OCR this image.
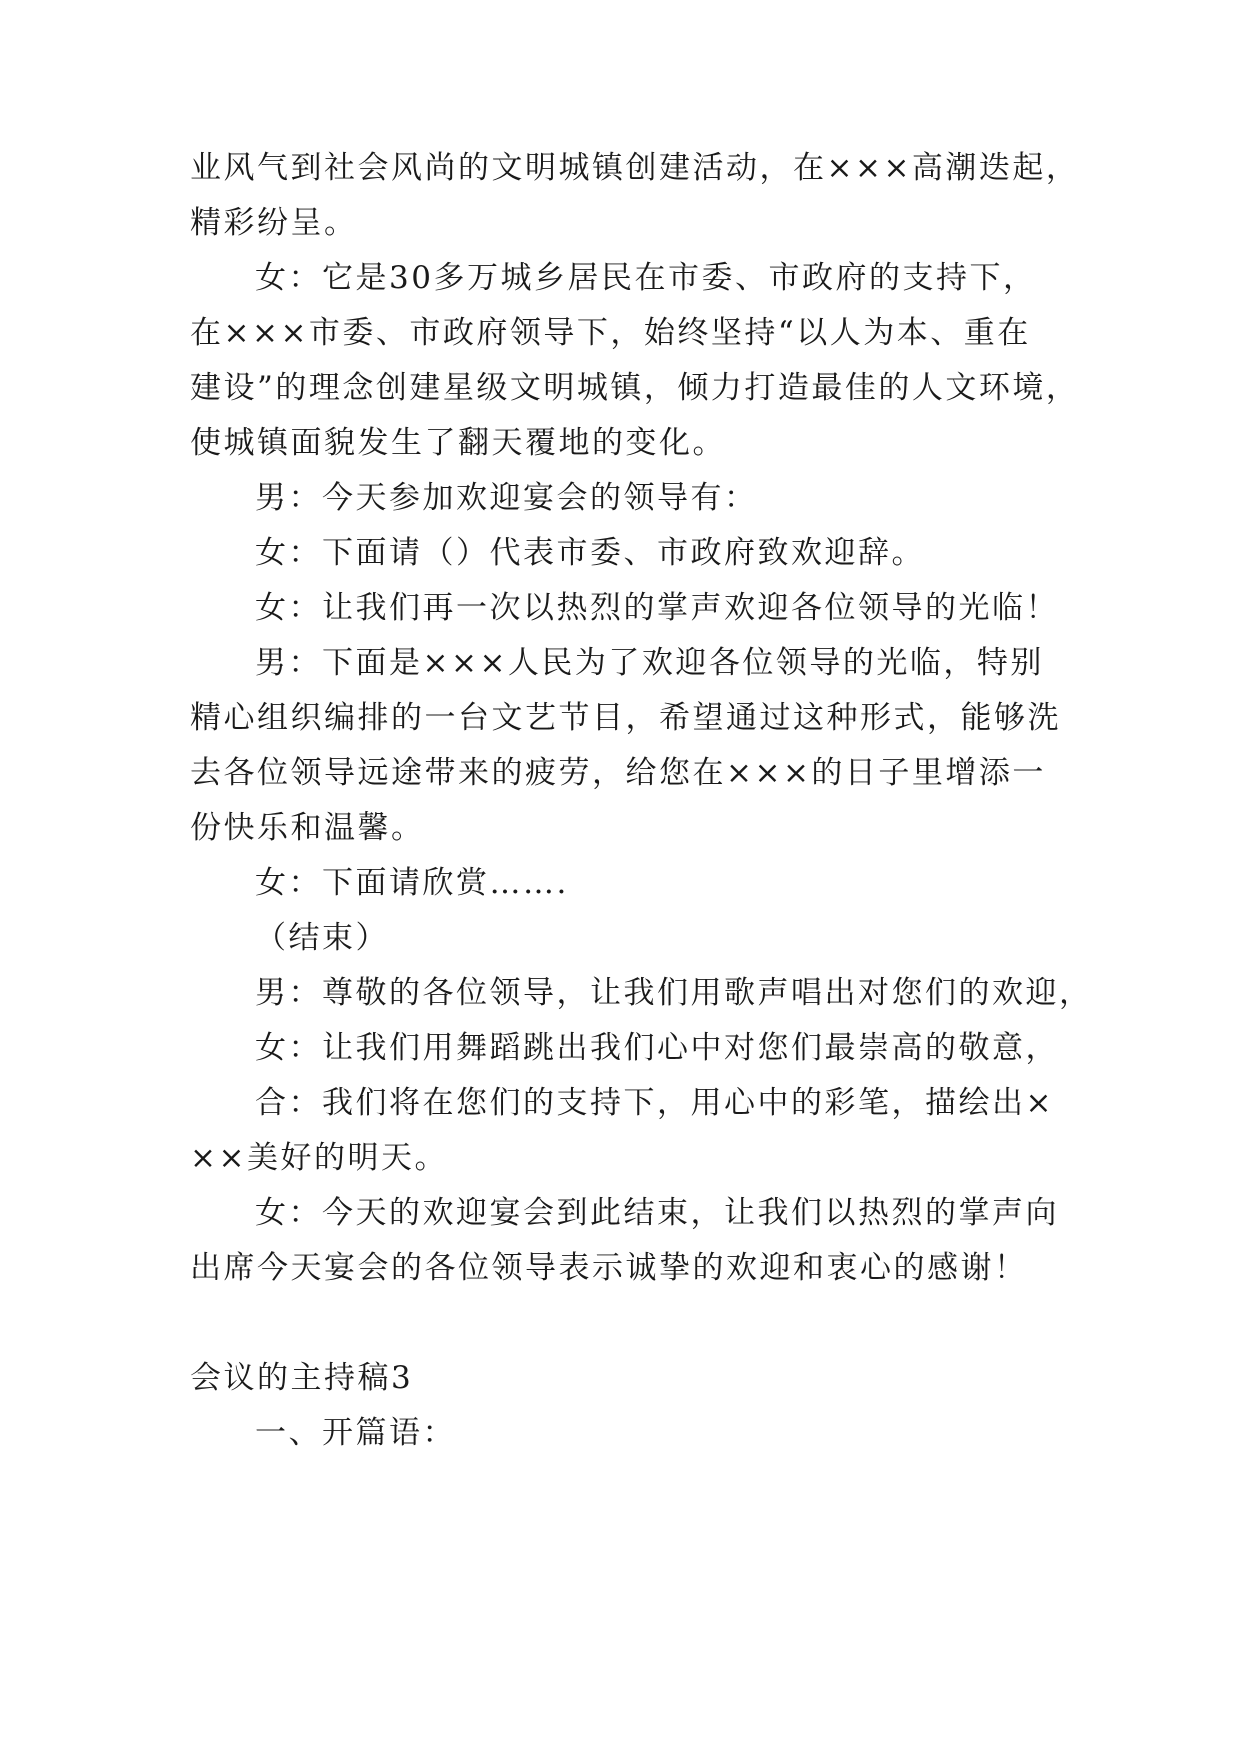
业风气到社会风尚的文明城镇创建活动，在×××高潮迭起，
精彩纷呈。
女：它是30多万城乡居民在市委、市政府的支持下，
在×××市委、市政府领导下，始终坚持“以人为本、重在
建设”的理念创建星级文明城镇，倾力打造最佳的人文环境，
使城镇面貌发生了翻天覆地的变化。
男：今天参加欢迎宴会的领导有：
女：下面请（）代表市委、市政府致欢迎辞。
女：让我们再一次以热烈的掌声欢迎各位领导的光临！
男：下面是×××人民为了欢迎各位领导的光临，特别
精心组织编排的一台文艺节目，希望通过这种形式，能够洗
去各位领导远途带来的疲劳，给您在×××的日子里增添一
份快乐和温馨。
女：下面请欣赏…….
（结束）
男：尊敬的各位领导，让我们用歌声唱出对您们的欢迎，
女：让我们用舞蹈跳出我们心中对您们最崇高的敬意，
合：我们将在您们的支持下，用心中的彩笔，描绘出×
××美好的明天。
女：今天的欢迎宴会到此结束，让我们以热烈的掌声向
出席今天宴会的各位领导表示诚挚的欢迎和衷心的感谢！
会议的主持稿3
一、开篇语：
